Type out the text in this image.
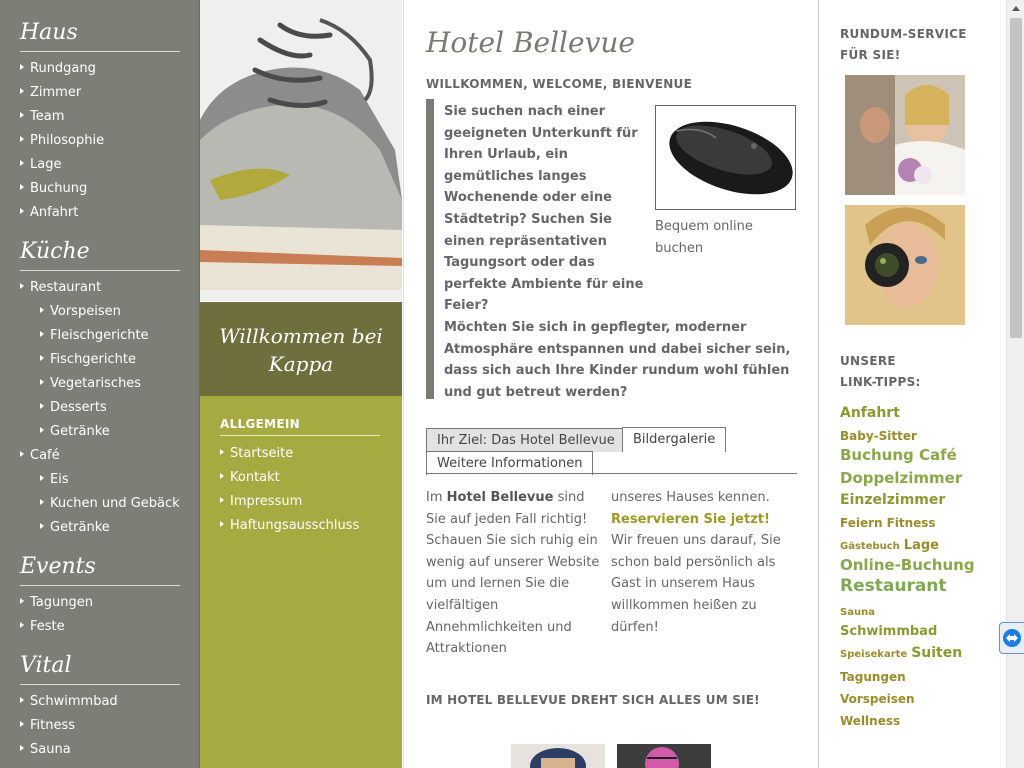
Haus
Rundgang
Zimmer
Team
Philosophie
Lage
Buchung
Anfahrt
Küche
Restaurant
Vorspeisen
Fleischgerichte
Fischgerichte
Vegetarisches
Desserts
Getränke
Café
Eis
Kuchen und Gebäck
Getränke
Events
Tagungen
Feste
Vital
Schwimmbad
Fitness
Sauna
Willkommen bei Kappa
ALLGEMEIN
Startseite
Kontakt
Impressum
Haftungsausschluss
Hotel Bellevue
WILLKOMMEN, WELCOME, BIENVENUE
Sie suchen nach einer geeigneten Unterkunft für Ihren Urlaub, ein gemütliches langes Wochenende oder eine Städtetrip? Suchen Sie einen repräsentativen Tagungsort oder das perfekte Ambiente für eine Feier?
Möchten Sie sich in gepflegter, moderner Atmosphäre entspannen und dabei sicher sein, dass sich auch Ihre Kinder rundum wohl fühlen und gut betreut werden?
Bequem online buchen
Ihr Ziel: Das Hotel Bellevue	Bildergalerie
Weitere Informationen
Im Hotel Bellevue sind Sie auf jeden Fall richtig! Schauen Sie sich ruhig ein wenig auf unserer Website um und lernen Sie die vielfältigen Annehmlichkeiten und Attraktionen
unseres Hauses kennen. Reservieren Sie jetzt! Wir freuen uns darauf, Sie schon bald persönlich als Gast in unserem Haus willkommen heißen zu dürfen!
IM HOTEL BELLEVUE DREHT SICH ALLES UM SIE!
RUNDUM-SERVICE
FÜR SIE!
UNSERE
LINK-TIPPS:
Anfahrt
Baby-Sitter
Buchung Café
Doppelzimmer
Einzelzimmer
Feiern Fitness
Gästebuch Lage
Online-Buchung
Restaurant
Sauna
Schwimmbad
Speisekarte Suiten
Tagungen
Vorspeisen
Wellness
